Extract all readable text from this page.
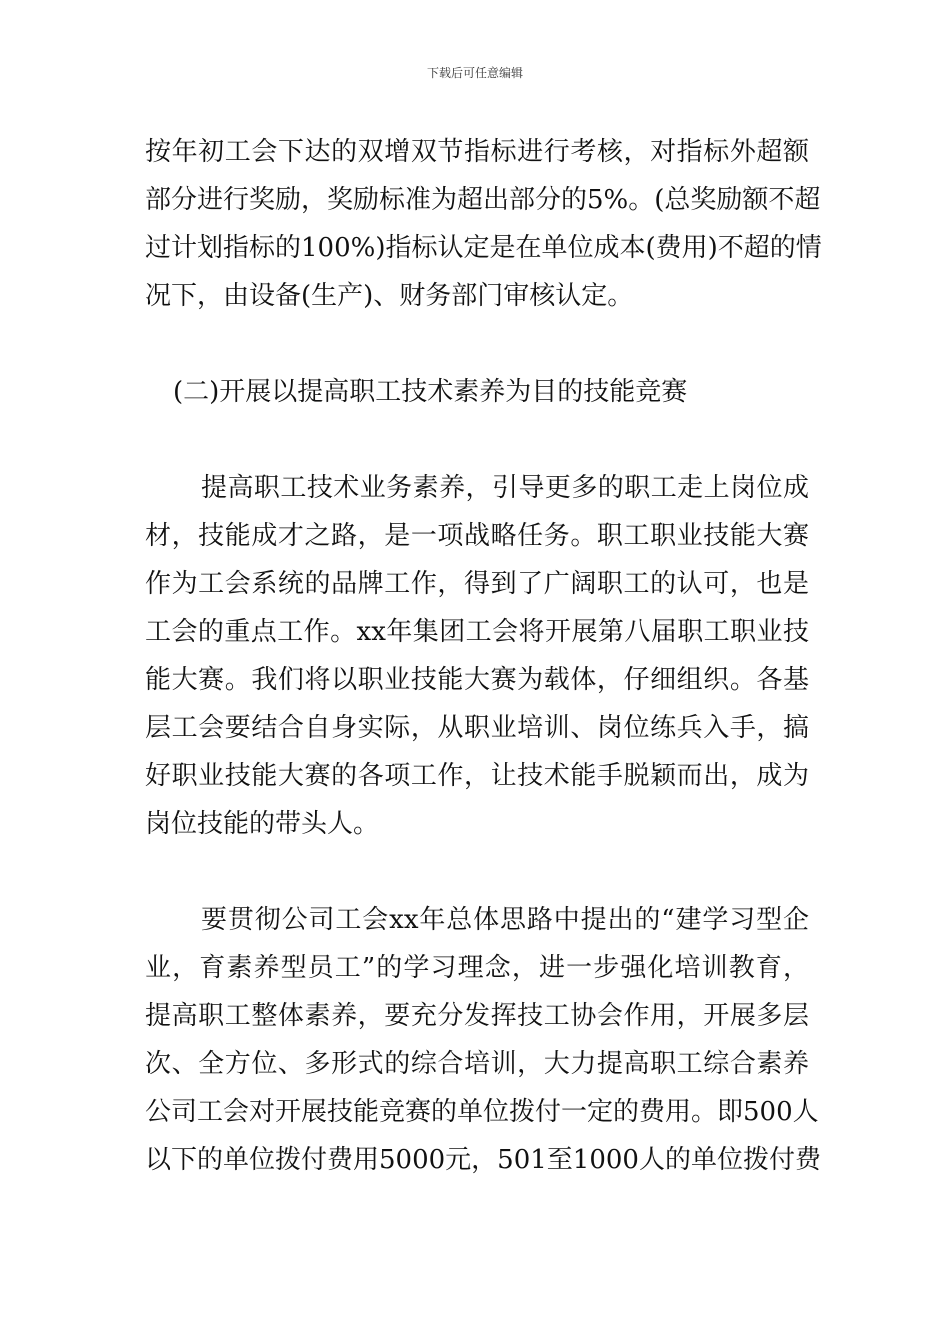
下载后可任意编辑
按年初工会下达的双增双节指标进行考核，对指标外超额
部分进行奖励，奖励标准为超出部分的5%。(总奖励额不超
过计划指标的100%)指标认定是在单位成本(费用)不超的情
况下，由设备(生产)、财务部门审核认定。
(二)开展以提高职工技术素养为目的技能竞赛
提高职工技术业务素养，引导更多的职工走上岗位成
材，技能成才之路，是一项战略任务。职工职业技能大赛
作为工会系统的品牌工作，得到了广阔职工的认可，也是
工会的重点工作。xx年集团工会将开展第八届职工职业技
能大赛。我们将以职业技能大赛为载体，仔细组织。各基
层工会要结合自身实际，从职业培训、岗位练兵入手，搞
好职业技能大赛的各项工作，让技术能手脱颖而出，成为
岗位技能的带头人。
要贯彻公司工会xx年总体思路中提出的“建学习型企
业，育素养型员工”的学习理念，进一步强化培训教育，
提高职工整体素养，要充分发挥技工协会作用，开展多层
次、全方位、多形式的综合培训，大力提高职工综合素养
公司工会对开展技能竞赛的单位拨付一定的费用。即500人
以下的单位拨付费用5000元，501至1000人的单位拨付费
